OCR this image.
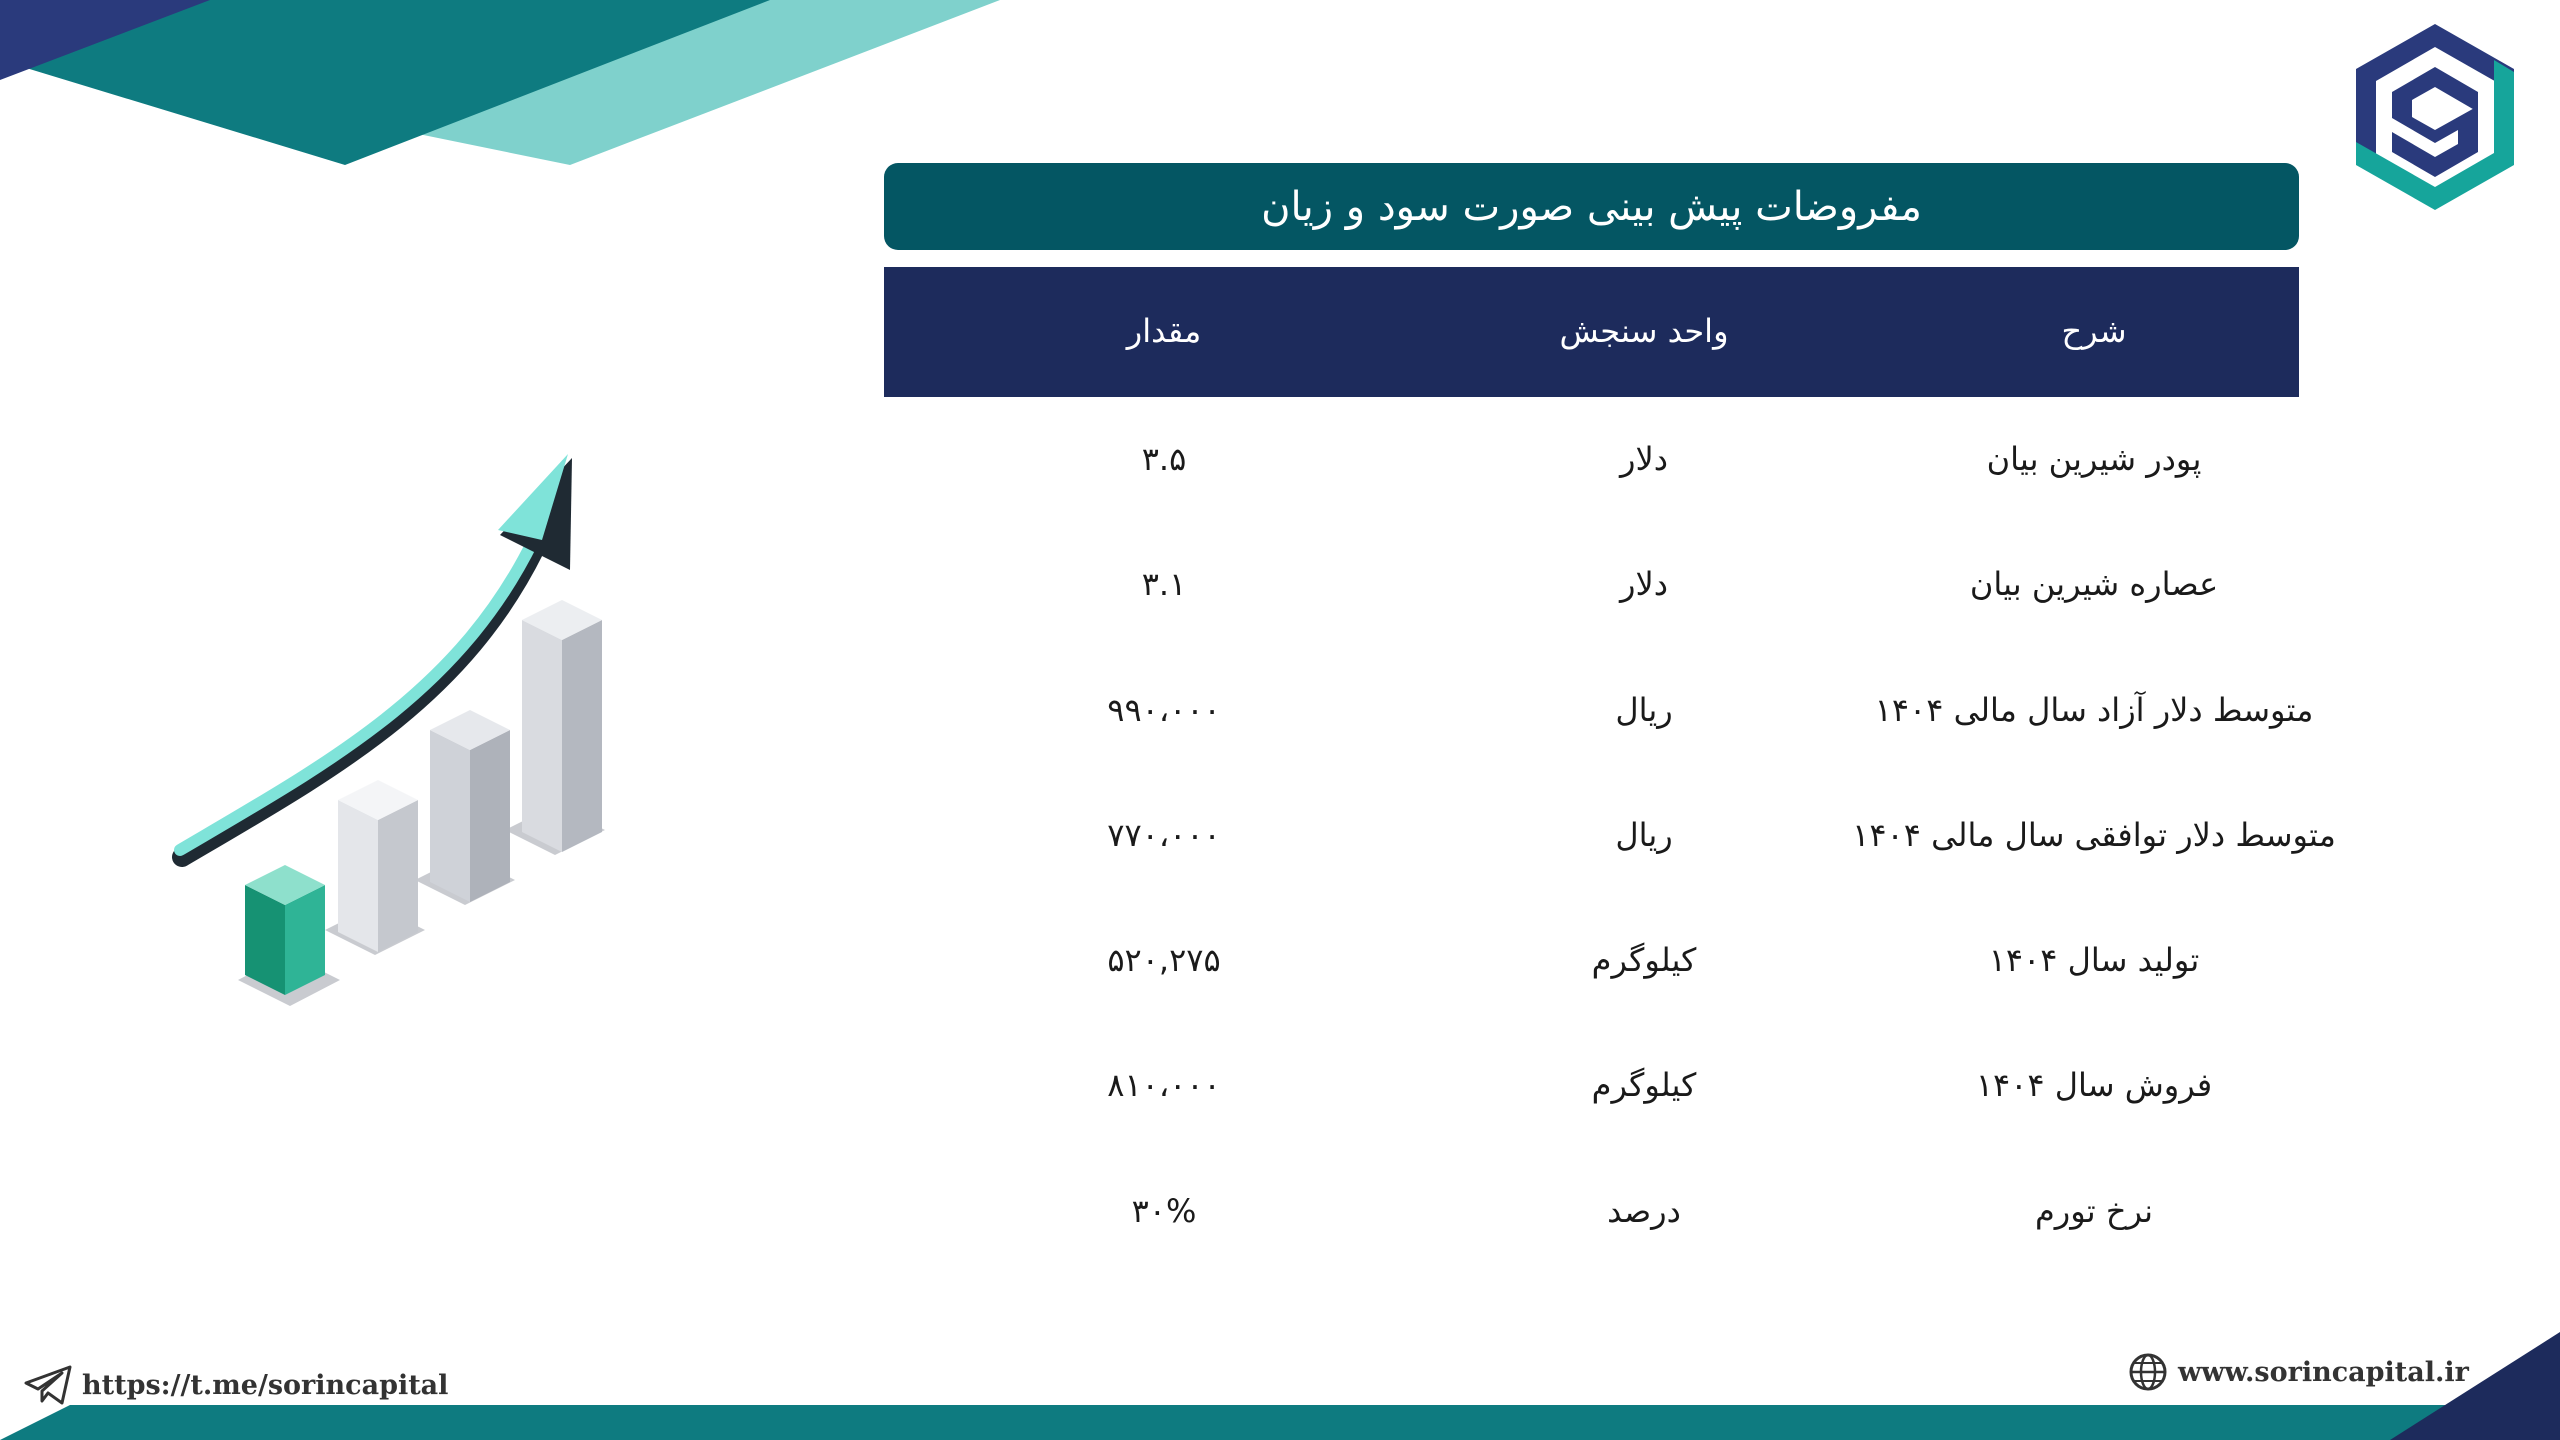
مفروضات پیش بینی صورت سود و زیان
شرح
واحد سنجش
مقدار
پودر شیرین بیان
دلار
۳.۵
عصاره شیرین بیان
دلار
۳.۱
متوسط دلار آزاد سال مالی ۱۴۰۴
ریال
۹۹۰،۰۰۰
متوسط دلار توافقی سال مالی ۱۴۰۴
ریال
۷۷۰،۰۰۰
تولید سال ۱۴۰۴
کیلوگرم
۵۲۰,۲۷۵
فروش سال ۱۴۰۴
کیلوگرم
۸۱۰،۰۰۰
نرخ تورم
درصد
۳۰%
https://t.me/sorincapital	www.sorincapital.ir
